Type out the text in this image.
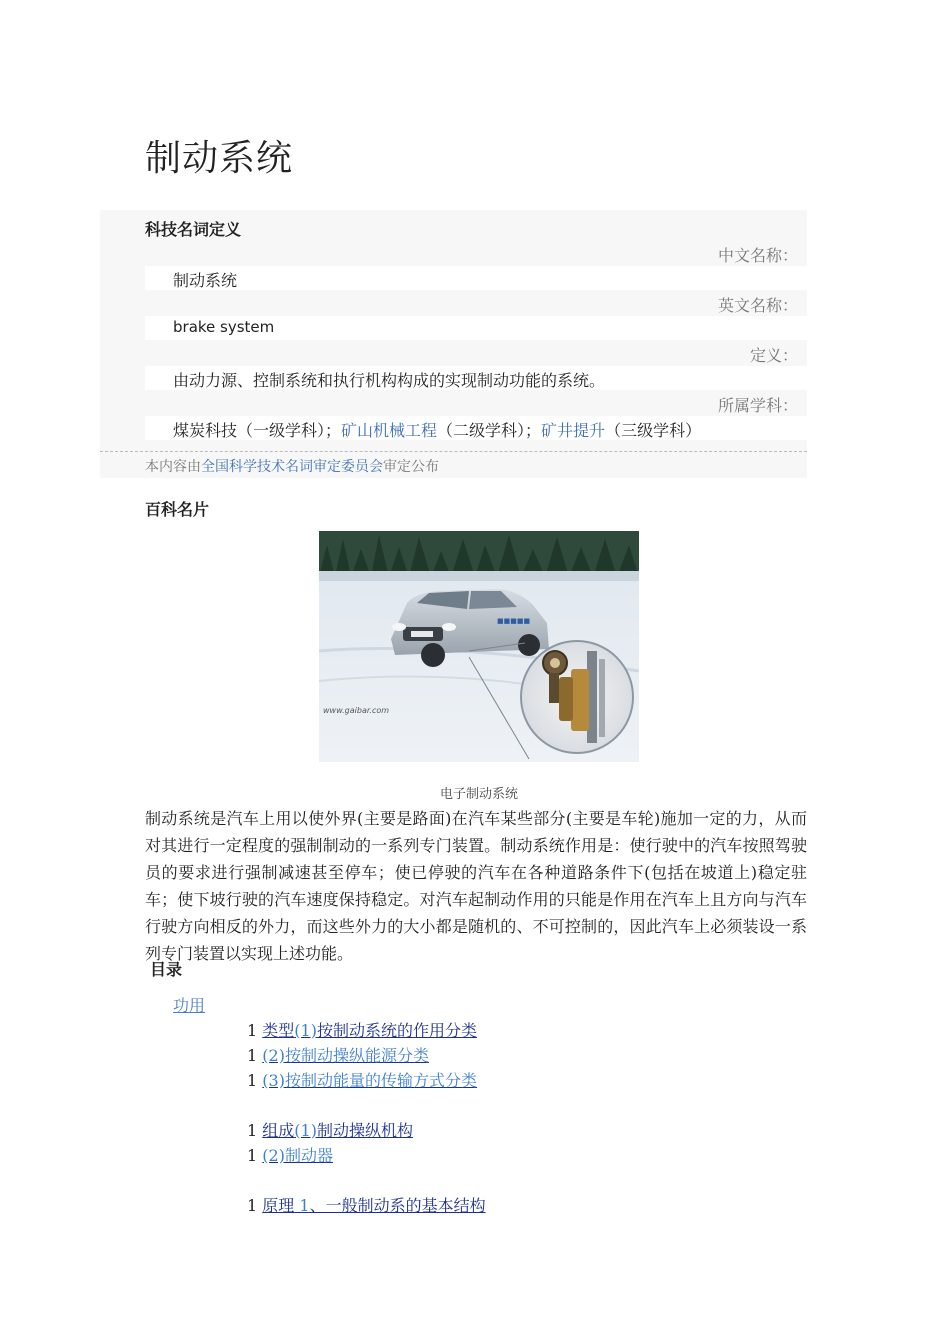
制动系统
科技名词定义
中文名称：
制动系统
英文名称：
brake system
定义：
由动力源、控制系统和执行机构构成的实现制动功能的系统。
所属学科：
煤炭科技（一级学科）；矿山机械工程（二级学科）；矿井提升（三级学科）
本内容由全国科学技术名词审定委员会审定公布
百科名片
■■■■■
www.gaibar.com
电子制动系统
制动系统是汽车上用以使外界(主要是路面)在汽车某些部分(主要是车轮)施加一定的力，从而对其进行一定程度的强制制动的一系列专门装置。制动系统作用是：使行驶中的汽车按照驾驶员的要求进行强制减速甚至停车；使已停驶的汽车在各种道路条件下(包括在坡道上)稳定驻车；使下坡行驶的汽车速度保持稳定。对汽车起制动作用的只能是作用在汽车上且方向与汽车行驶方向相反的外力，而这些外力的大小都是随机的、不可控制的，因此汽车上必须装设一系列专门装置以实现上述功能。
目录
功用
1 类型(1)按制动系统的作用分类
1 (2)按制动操纵能源分类
1 (3)按制动能量的传输方式分类
1 组成(1)制动操纵机构
1 (2)制动器
1 原理 1、一般制动系的基本结构
